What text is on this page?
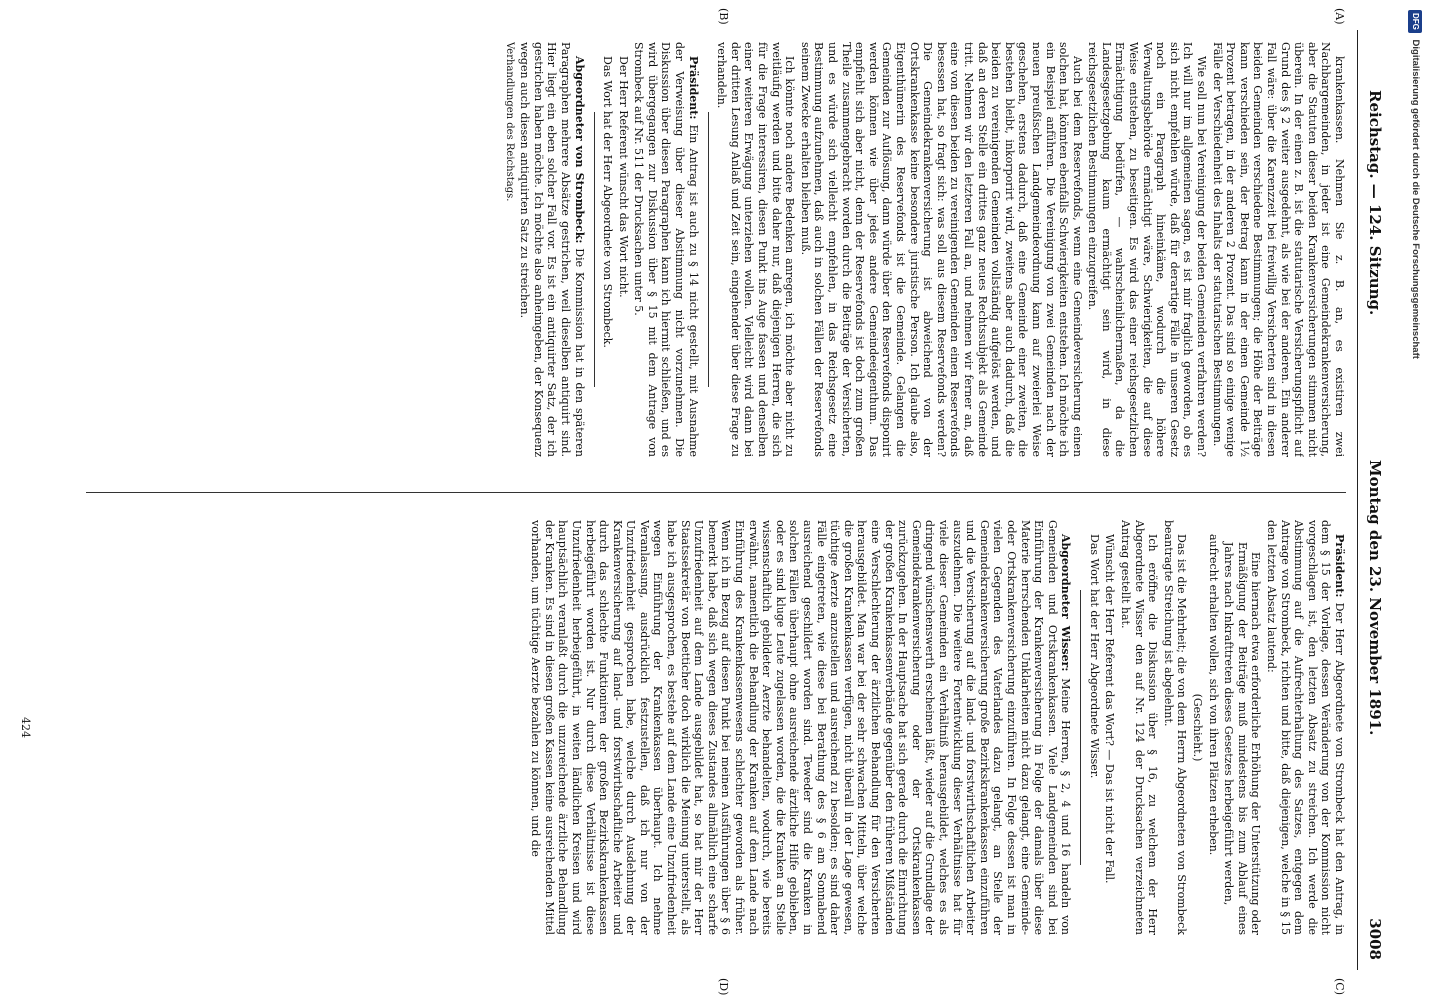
Reichstag. — 124. Sitzung.
Montag den 23. November 1891.
3008
(A)
(B)
(C)
(D)

krankenkassen. Nehmen Sie z. B. an, es existiren zwei Nachbargemeinden, in jeder ist eine Gemeindekrankenversicherung, aber die Statuten dieser beiden Krankenversicherungen stimmen nicht überein. In der einen z. B. ist die statutarische Versicherungspflicht auf Grund des § 2 weiter ausgedehnt, als wie bei der anderen. Ein anderer Fall wäre: über die Karenzzeit bei freiwillig Versicherten sind in diesen beiden Gemeinden verschiedene Bestimmungen; die Höhe der Beiträge kann verschieden sein, der Betrag kann in der einen Gemeinde 1½ Prozent betragen, in der anderen 2 Prozent. Das sind so einige wenige Fälle der Verschiedenheit des Inhalts der statutarischen Bestimmungen.

Wie soll nun bei Vereinigung der beiden Gemeinden verfahren werden? Ich will nur im allgemeinen sagen, es ist mir fraglich geworden, ob es sich nicht empfehlen würde, daß für derartige Fälle in unseren Gesetz noch ein Paragraph hineinkäme, wodurch die höhere Verwaltungsbehörde ermächtigt wäre, Schwierigkeiten, die auf diese Weise entstehen, zu beseitigen. Es wird das einer reichsgesetzlichen Ermächtigung bedürfen, — wahrscheinlichermaßen, da die Landesgesetzgebung kaum ermächtigt sein wird, in diese reichsgesetzlichen Bestimmungen einzugreifen.

Auch bei dem Reservefonds, wenn eine Gemeindeversicherung einen solchen hat, könnten ebenfalls Schwierigkeiten entstehen. Ich möchte ich ein Beispiel anführen. Die Vereinigung von zwei Gemeinden nach der neuen preußischen Landgemeindeordnung kann auf zweierlei Weise geschehen, erstens dadurch, daß eine Gemeinde einer zweiten, die bestehen bleibt, inkorporirt wird, zweitens aber auch dadurch, daß die beiden zu vereinigenden Gemeinden vollständig aufgelöst werden, und daß an deren Stelle ein drittes ganz neues Rechtssubjekt als Gemeinde tritt. Nehmen wir den letzteren Fall an, und nehmen wir ferner an, daß eine von diesen beiden zu vereinigenden Gemeinden einen Reservefonds besessen hat, so fragt sich: was soll aus diesem Reservefonds werden? Die Gemeindekrankenversicherung ist abweichend von der Ortskrankenkasse keine besondere juristische Person. Ich glaube also, Eigenthümerin des Reservefonds ist die Gemeinde. Gelangen die Gemeinden zur Auflösung, dann würde über den Reservefonds disponirt werden können wie über jedes andere Gemeindeeigenthum. Das empfiehlt sich aber nicht, denn der Reservefonds ist doch zum großen Theile zusammengebracht worden durch die Beiträge der Versicherten, und es würde sich vielleicht empfehlen, in das Reichsgesetz eine Bestimmung aufzunehmen, daß auch in solchen Fällen der Reservefonds seinem Zwecke erhalten bleiben muß.

Ich könnte noch andere Bedenken anregen, ich möchte aber nicht zu weitläufig werden und bitte daher nur, daß diejenigen Herren, die sich für die Frage interessiren, diesen Punkt ins Auge fassen und denselben einer weiteren Erwägung unterziehen wollen. Vielleicht wird dann bei der dritten Lesung Anlaß und Zeit sein, eingehender über diese Frage zu verhandeln.

Präsident: Ein Antrag ist auch zu § 14 nicht gestellt, mit Ausnahme der Verweisung über dieser Abstimmung nicht vorzunehmen. Die Diskussion über diesen Paragraphen kann ich hiermit schließen, und es wird übergegangen zur Diskussion über § 15 mit dem Antrage von Strombeck auf Nr. 511 der Drucksachen unter 5.

Der Herr Referent wünscht das Wort nicht.

Das Wort hat der Herr Abgeordnete von Strombeck.

Abgeordneter von Strombeck: Die Kommission hat in den späteren Paragraphen mehrere Absätze gestrichen, weil dieselben antiquirt sind. Hier liegt ein eben solcher Fall vor. Es ist ein antiquirter Satz, der ich gestrichen haben möchte. Ich möchte also anheimgeben, der Konsequenz wegen auch diesen antiquirten Satz zu streichen.

Verhandlungen des Reichstags.

Präsident: Der Herr Abgeordnete von Strombeck hat den Antrag, in dem § 15 der Vorlage, dessen Veränderung von der Kommission nicht vorgeschlagen ist, den letzten Absatz zu streichen. Ich werde die Abstimmung auf die Aufrechterhaltung des Satzes, entgegen dem Antrage von Strombeck, richten und bitte, daß diejenigen, welche in § 15 den letzten Absatz lautend:

Eine hiernach etwa erforderliche Erhöhung der Unterstützung oder Ermäßigung der Beiträge muß mindestens bis zum Ablauf eines Jahres nach Inkrafttreten dieses Gesetzes herbeigeführt werden,

aufrecht erhalten wollen, sich von ihren Plätzen erheben.

(Geschieht.)

Das ist die Mehrheit; die von dem Herrn Abgeordneten von Strombeck beantragte Streichung ist abgelehnt.

Ich eröffne die Diskussion über § 16, zu welchem der Herr Abgeordnete Wisser den auf Nr. 124 der Drucksachen verzeichneten Antrag gestellt hat.

Wünscht der Herr Referent das Wort? — Das ist nicht der Fall.

Das Wort hat der Herr Abgeordnete Wisser.

Abgeordneter Wisser: Meine Herren, § 2, 4 und 16 handeln von Gemeinden und Ortskrankenkassen. Viele Landgemeinden sind bei Einführung der Krankenversicherung in Folge der damals über diese Materie herrschenden Unklarheiten nicht dazu gelangt, eine Gemeinde- oder Ortskrankenversicherung einzuführen. In Folge dessen ist man in vielen Gegenden des Vaterlandes dazu gelangt, an Stelle der Gemeindekrankenversicherung große Bezirkskrankenkassen einzuführen und die Versicherung auf die land- und forstwirthschaftlichen Arbeiter auszudehnen. Die weitere Fortentwicklung dieser Verhältnisse hat für viele dieser Gemeinden ein Verhältniß herausgebildet, welches es als dringend wünschenswerth erscheinen läßt, wieder auf die Grundlage der Gemeindekrankenversicherung oder der Ortskrankenkassen zurückzugehen. In der Hauptsache hat sich gerade durch die Einrichtung der großen Krankenkassenverbände gegenüber den früheren Mißständen eine Verschlechterung der ärztlichen Behandlung für den Versicherten herausgebildet. Man war bei der sehr schwachen Mitteln, über welche die großen Krankenkassen verfügen, nicht überall in der Lage gewesen, tüchtige Aerzte anzustellen und ausreichend zu besolden; es sind daher Fälle eingetreten, wie diese bei Berathung des § 6 am Sonnabend ausreichend geschildert worden sind. Teweder sind die Kranken in solchen Fällen überhaupt ohne ausreichende ärztliche Hilfe geblieben, oder es sind kluge Leute zugelassen worden, die die Kranken an Stelle wissenschaftlich gebildeter Aerzte behandelten, wodurch, wie bereits erwähnt, namentlich die Behandlung der Kranken auf dem Lande nach Einführung des Krankenkassenwesens schlechter geworden als früher. Wenn ich in Bezug auf diesen Punkt bei meinen Ausführungen über § 6 bemerkt habe, daß sich wegen dieses Zustandes allmählich eine scharfe Unzufriedenheit auf dem Lande ausgebildet hat, so hat mir der Herr Staatssekretär von Boetticher doch wirklich die Meinung unterstellt, als habe ich ausgesprochen, es bestehe auf dem Lande eine Unzufriedenheit wegen Einführung der Krankenkassen überhaupt. Ich nehme Veranlassung, ausdrücklich festzustellen, daß ich nur von der Unzufriedenheit gesprochen habe, welche durch Ausdehnung der Krankenversicherung auf land- und forstwirthschaftliche Arbeiter und durch das schlechte Funktioniren der großen Bezirkskrankenkassen herbeigeführt worden ist. Nur durch diese Verhältnisse ist diese Unzufriedenheit herbeigeführt, in weiten ländlichen Kreisen und wird hauptsächlich veranlaßt durch die unzureichende ärztliche Behandlung der Kranken. Es sind in diesen großen Kassen keine ausreichenden Mittel vorhanden, um tüchtige Aerzte bezahlen zu können, und die

424
DFG Digitalisierung gefördert durch die Deutsche Forschungsgemeinschaft
